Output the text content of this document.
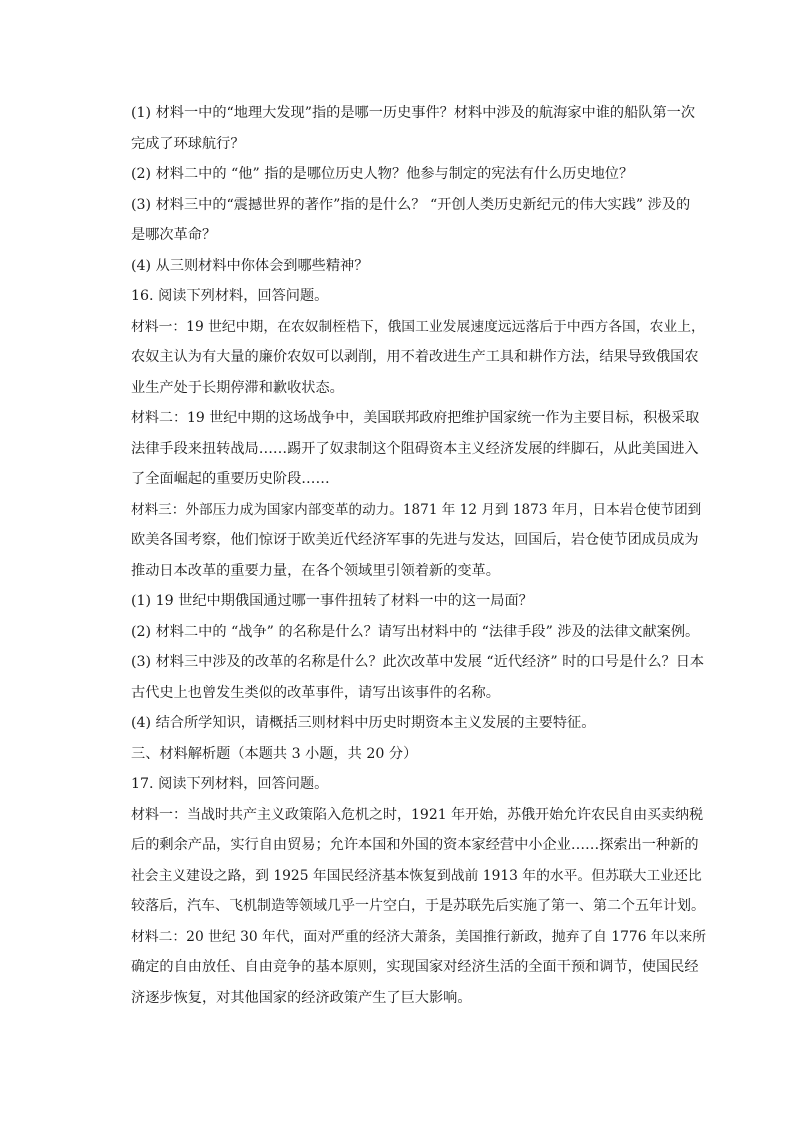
(1) 材料一中的“地理大发现”指的是哪一历史事件？材料中涉及的航海家中谁的船队第一次
完成了环球航行？
(2) 材料二中的 “他” 指的是哪位历史人物？他参与制定的宪法有什么历史地位？
(3) 材料三中的“震撼世界的著作”指的是什么？ “开创人类历史新纪元的伟大实践” 涉及的
是哪次革命？
(4) 从三则材料中你体会到哪些精神？
16. 阅读下列材料，回答问题。
材料一：19 世纪中期，在农奴制桎梏下，俄国工业发展速度远远落后于中西方各国，农业上，
农奴主认为有大量的廉价农奴可以剥削，用不着改进生产工具和耕作方法，结果导致俄国农
业生产处于长期停滞和歉收状态。
材料二：19 世纪中期的这场战争中，美国联邦政府把维护国家统一作为主要目标，积极采取
法律手段来扭转战局……踢开了奴隶制这个阻碍资本主义经济发展的绊脚石，从此美国进入
了全面崛起的重要历史阶段……
材料三：外部压力成为国家内部变革的动力。1871 年 12 月到 1873 年月，日本岩仓使节团到
欧美各国考察，他们惊讶于欧美近代经济军事的先进与发达，回国后，岩仓使节团成员成为
推动日本改革的重要力量，在各个领域里引领着新的变革。
(1) 19 世纪中期俄国通过哪一事件扭转了材料一中的这一局面？
(2) 材料二中的 “战争” 的名称是什么？请写出材料中的 “法律手段” 涉及的法律文献案例。
(3) 材料三中涉及的改革的名称是什么？此次改革中发展 “近代经济” 时的口号是什么？日本
古代史上也曾发生类似的改革事件，请写出该事件的名称。
(4) 结合所学知识，请概括三则材料中历史时期资本主义发展的主要特征。
三、材料解析题（本题共 3 小题，共 20 分）
17. 阅读下列材料，回答问题。
材料一：当战时共产主义政策陷入危机之时，1921 年开始，苏俄开始允许农民自由买卖纳税
后的剩余产品，实行自由贸易；允许本国和外国的资本家经营中小企业……探索出一种新的
社会主义建设之路，到 1925 年国民经济基本恢复到战前 1913 年的水平。但苏联大工业还比
较落后，汽车、飞机制造等领域几乎一片空白，于是苏联先后实施了第一、第二个五年计划。
材料二：20 世纪 30 年代，面对严重的经济大萧条，美国推行新政，抛弃了自 1776 年以来所
确定的自由放任、自由竞争的基本原则，实现国家对经济生活的全面干预和调节，使国民经
济逐步恢复，对其他国家的经济政策产生了巨大影响。
